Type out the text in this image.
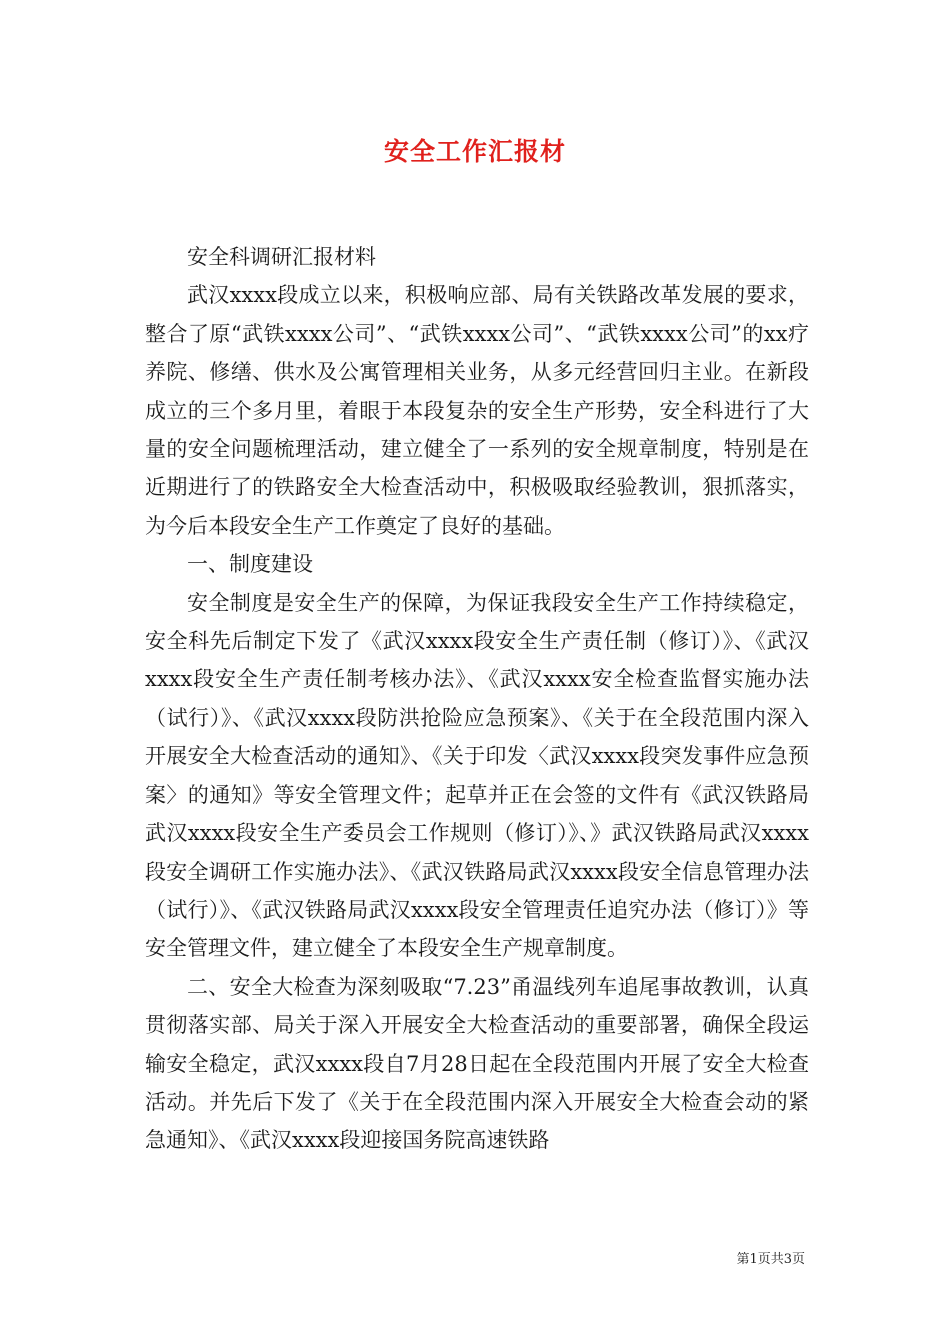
安全工作汇报材

安全科调研汇报材料

武汉xxxx段成立以来，积极响应部、局有关铁路改革发展的要求，整合了原“武铁xxxx公司”、“武铁xxxx公司”、“武铁xxxx公司”的xx疗养院、修缮、供水及公寓管理相关业务，从多元经营回归主业。在新段成立的三个多月里，着眼于本段复杂的安全生产形势，安全科进行了大量的安全问题梳理活动，建立健全了一系列的安全规章制度，特别是在近期进行了的铁路安全大检查活动中，积极吸取经验教训，狠抓落实，为今后本段安全生产工作奠定了良好的基础。

一、制度建设

安全制度是安全生产的保障，为保证我段安全生产工作持续稳定，安全科先后制定下发了《武汉xxxx段安全生产责任制（修订）》、《武汉xxxx段安全生产责任制考核办法》、《武汉xxxx安全检查监督实施办法（试行）》、《武汉xxxx段防洪抢险应急预案》、《关于在全段范围内深入开展安全大检查活动的通知》、《关于印发〈武汉xxxx段突发事件应急预案〉的通知》等安全管理文件；起草并正在会签的文件有《武汉铁路局武汉xxxx段安全生产委员会工作规则（修订）》、》武汉铁路局武汉xxxx段安全调研工作实施办法》、《武汉铁路局武汉xxxx段安全信息管理办法（试行）》、《武汉铁路局武汉xxxx段安全管理责任追究办法（修订）》等安全管理文件，建立健全了本段安全生产规章制度。

二、安全大检查为深刻吸取“7.23”甬温线列车追尾事故教训，认真贯彻落实部、局关于深入开展安全大检查活动的重要部署，确保全段运输安全稳定，武汉xxxx段自7月28日起在全段范围内开展了安全大检查活动。并先后下发了《关于在全段范围内深入开展安全大检查会动的紧急通知》、《武汉xxxx段迎接国务院高速铁路

第1页共3页
